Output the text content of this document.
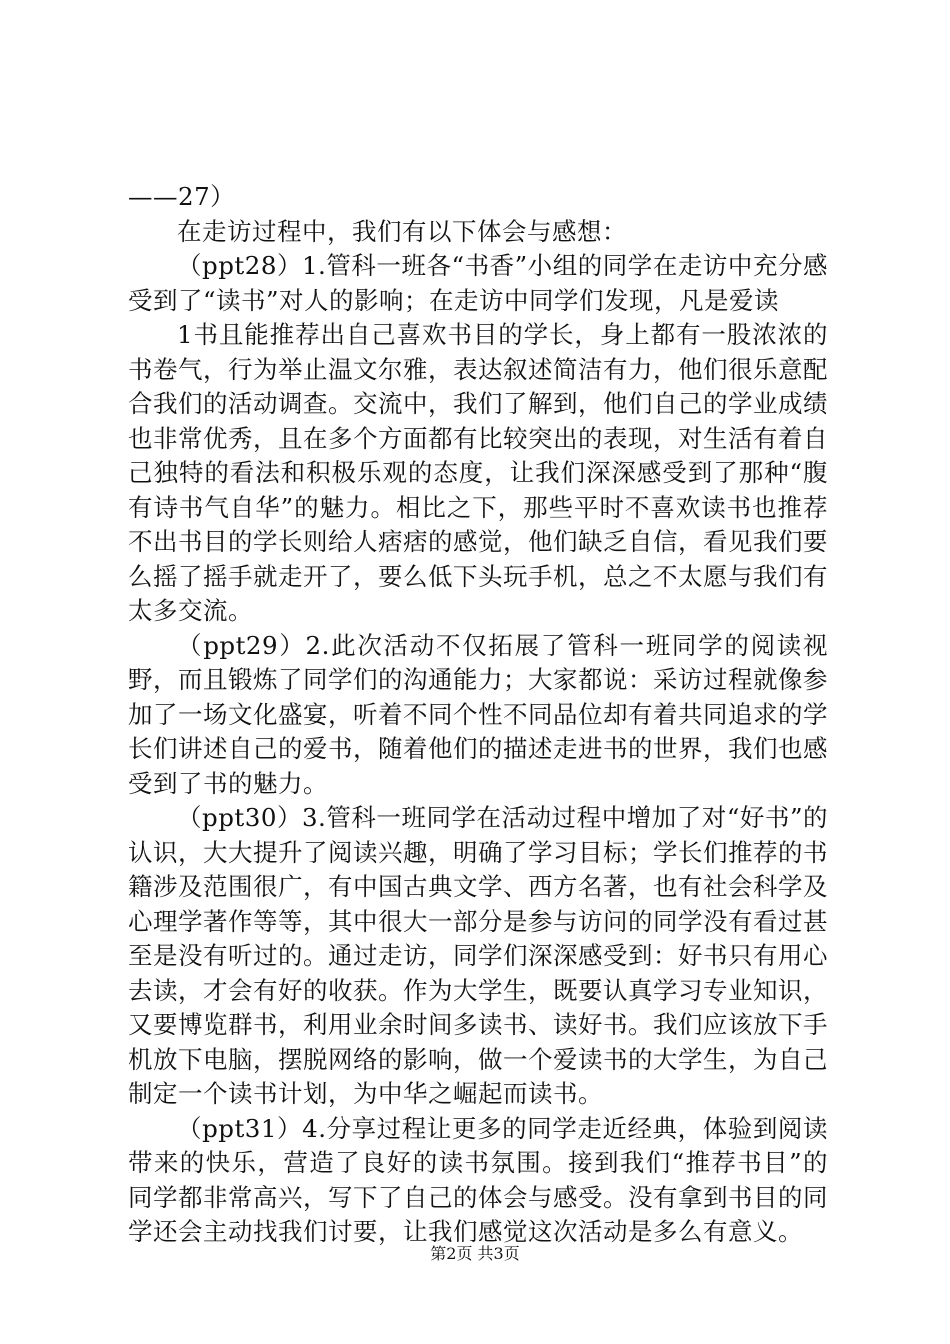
——27）

在走访过程中，我们有以下体会与感想：

（ppt28）1.管科一班各“书香”小组的同学在走访中充分感受到了“读书”对人的影响；在走访中同学们发现，凡是爱读

1书且能推荐出自己喜欢书目的学长，身上都有一股浓浓的书卷气，行为举止温文尔雅，表达叙述简洁有力，他们很乐意配合我们的活动调查。交流中，我们了解到，他们自己的学业成绩也非常优秀，且在多个方面都有比较突出的表现，对生活有着自己独特的看法和积极乐观的态度，让我们深深感受到了那种“腹有诗书气自华”的魅力。相比之下，那些平时不喜欢读书也推荐不出书目的学长则给人痞痞的感觉，他们缺乏自信，看见我们要么摇了摇手就走开了，要么低下头玩手机，总之不太愿与我们有太多交流。

（ppt29）2.此次活动不仅拓展了管科一班同学的阅读视野，而且锻炼了同学们的沟通能力；大家都说：采访过程就像参加了一场文化盛宴，听着不同个性不同品位却有着共同追求的学长们讲述自己的爱书，随着他们的描述走进书的世界，我们也感受到了书的魅力。

（ppt30）3.管科一班同学在活动过程中增加了对“好书”的认识，大大提升了阅读兴趣，明确了学习目标；学长们推荐的书籍涉及范围很广，有中国古典文学、西方名著，也有社会科学及心理学著作等等，其中很大一部分是参与访问的同学没有看过甚至是没有听过的。通过走访，同学们深深感受到：好书只有用心去读，才会有好的收获。作为大学生，既要认真学习专业知识，又要博览群书，利用业余时间多读书、读好书。我们应该放下手机放下电脑，摆脱网络的影响，做一个爱读书的大学生，为自己制定一个读书计划，为中华之崛起而读书。

（ppt31）4.分享过程让更多的同学走近经典，体验到阅读带来的快乐，营造了良好的读书氛围。接到我们“推荐书目”的同学都非常高兴，写下了自己的体会与感受。没有拿到书目的同学还会主动找我们讨要，让我们感觉这次活动是多么有意义。

第2页 共3页
